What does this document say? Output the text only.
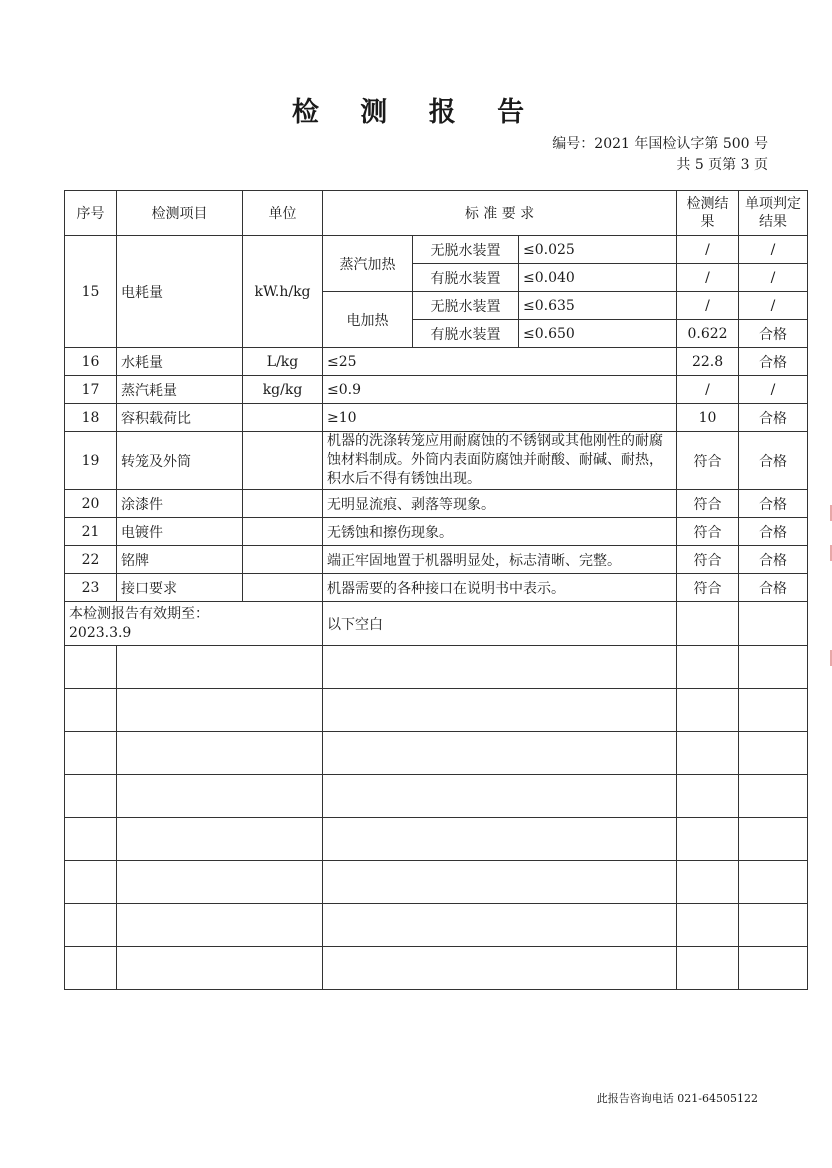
检 测 报 告
编号：2021 年国检认字第 500 号
共 5 页第 3 页
序号	检测项目	单位	标 准 要 求			检测结果	单项判定结果
15	电耗量	kW.h/kg	蒸汽加热	无脱水装置	≤0.025	/	/
				有脱水装置	≤0.040	/	/
			电加热	无脱水装置	≤0.635	/	/
				有脱水装置	≤0.650	0.622	合格
16	水耗量	L/kg	≤25			22.8	合格
17	蒸汽耗量	kg/kg	≤0.9			/	/
18	容积载荷比		≥10			10	合格
19	转笼及外筒		机器的洗涤转笼应用耐腐蚀的不锈钢或其他刚性的耐腐蚀材料制成。外筒内表面防腐蚀并耐酸、耐碱、耐热，积水后不得有锈蚀出现。			符合	合格
20	涂漆件		无明显流痕、剥落等现象。			符合	合格
21	电镀件		无锈蚀和擦伤现象。			符合	合格
22	铭牌		端正牢固地置于机器明显处，标志清晰、完整。			符合	合格
23	接口要求		机器需要的各种接口在说明书中表示。			符合	合格
本检测报告有效期至：
2023.3.9			以下空白				

此报告咨询电话 021-64505122
